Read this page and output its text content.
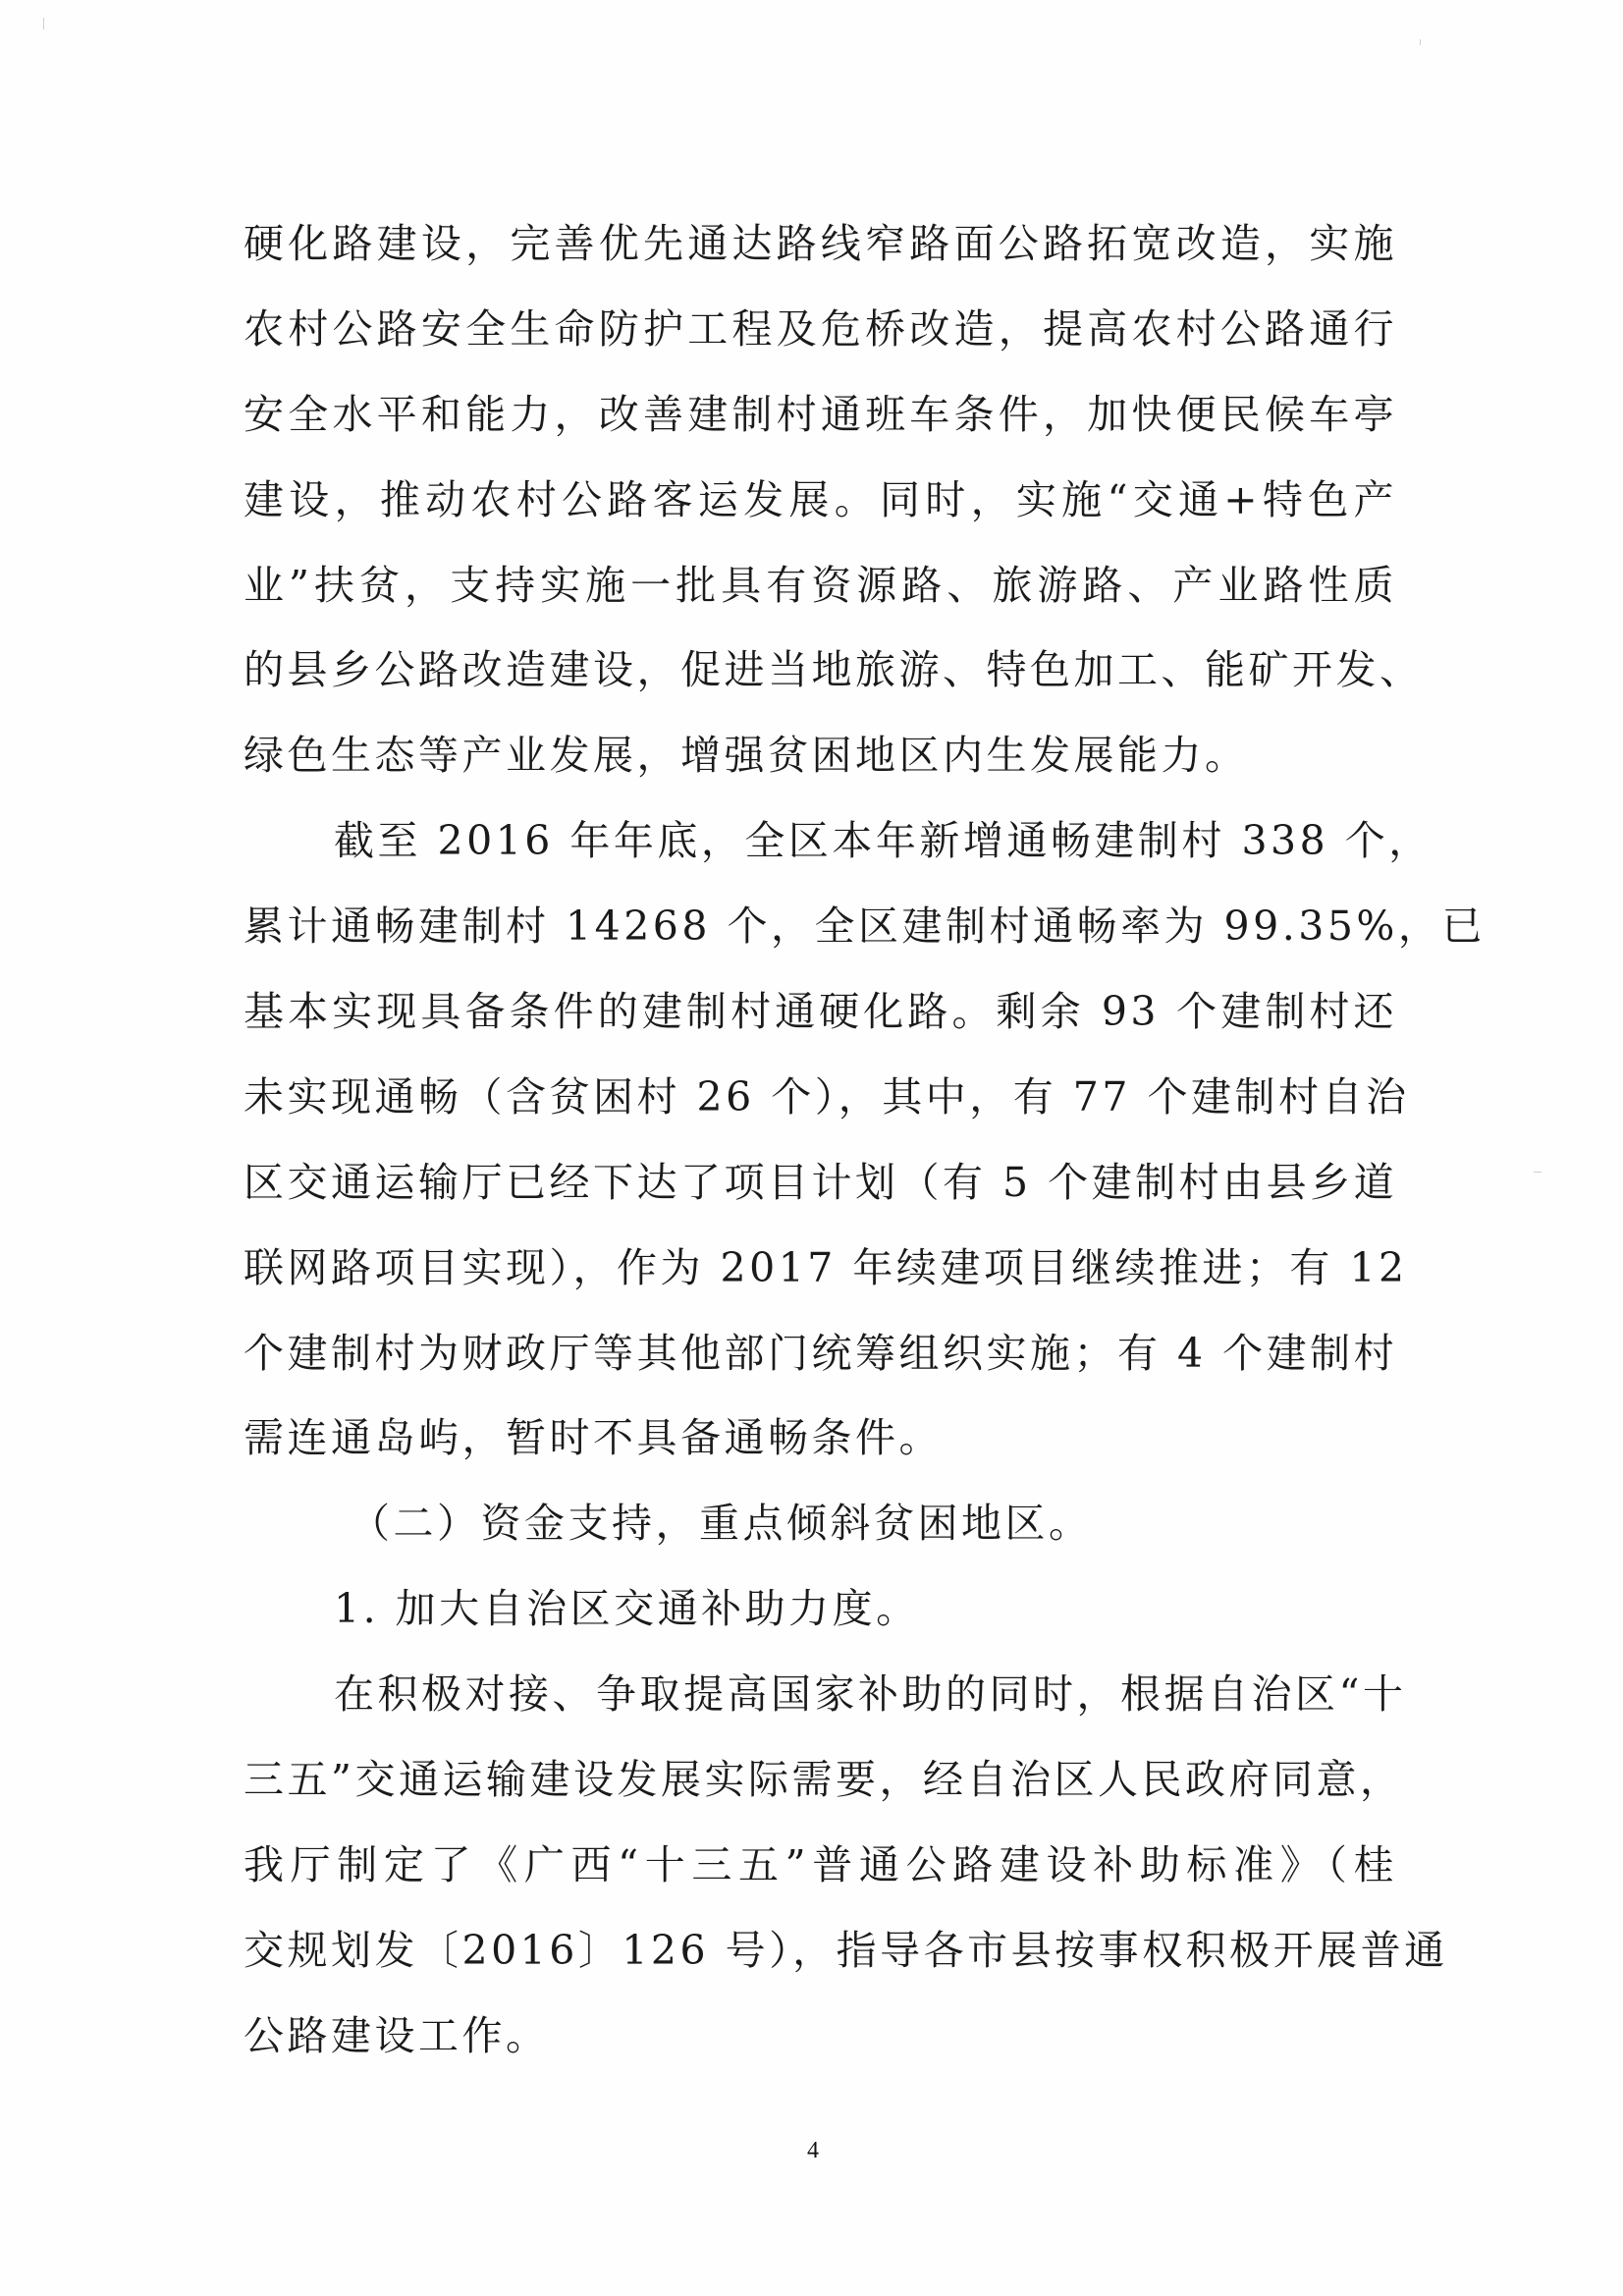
硬化路建设，完善优先通达路线窄路面公路拓宽改造，实施
农村公路安全生命防护工程及危桥改造，提高农村公路通行
安全水平和能力，改善建制村通班车条件，加快便民候车亭
建设，推动农村公路客运发展。同时，实施“交通+特色产
业”扶贫，支持实施一批具有资源路、旅游路、产业路性质
的县乡公路改造建设，促进当地旅游、特色加工、能矿开发、
绿色生态等产业发展，增强贫困地区内生发展能力。
截至 2016 年年底，全区本年新增通畅建制村 338 个，
累计通畅建制村 14268 个，全区建制村通畅率为 99.35%，已
基本实现具备条件的建制村通硬化路。剩余 93 个建制村还
未实现通畅（含贫困村 26 个），其中，有 77 个建制村自治
区交通运输厅已经下达了项目计划（有 5 个建制村由县乡道
联网路项目实现），作为 2017 年续建项目继续推进；有 12
个建制村为财政厅等其他部门统筹组织实施；有 4 个建制村
需连通岛屿，暂时不具备通畅条件。
（二）资金支持，重点倾斜贫困地区。
1. 加大自治区交通补助力度。
在积极对接、争取提高国家补助的同时，根据自治区“十
三五”交通运输建设发展实际需要，经自治区人民政府同意，
我厅制定了《广西“十三五”普通公路建设补助标准》（桂
交规划发〔2016〕126 号），指导各市县按事权积极开展普通
公路建设工作。
4
